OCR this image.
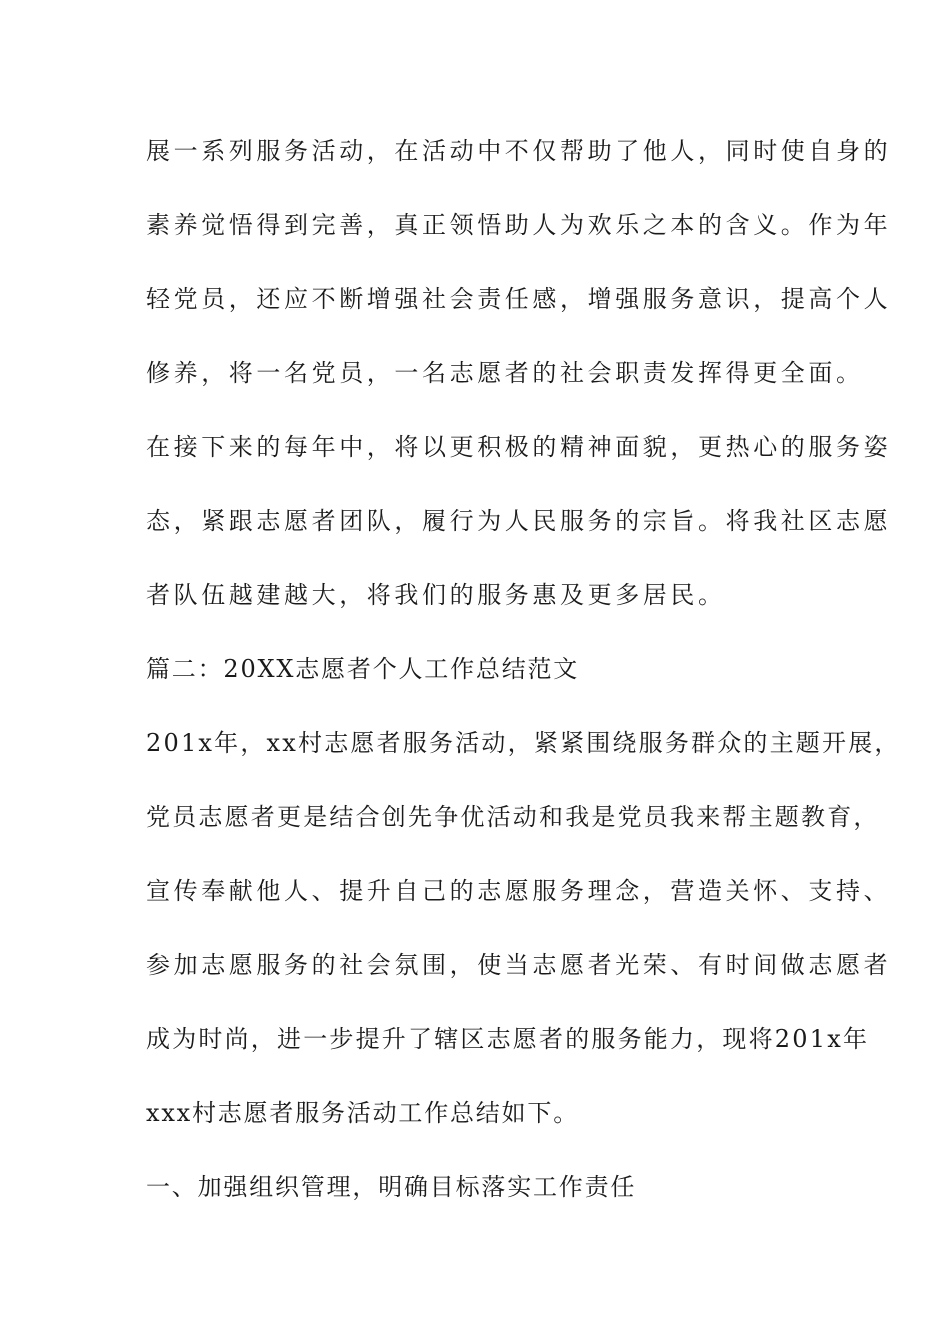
展一系列服务活动，在活动中不仅帮助了他人，同时使自身的
素养觉悟得到完善，真正领悟助人为欢乐之本的含义。作为年
轻党员，还应不断增强社会责任感，增强服务意识，提高个人
修养，将一名党员，一名志愿者的社会职责发挥得更全面。
在接下来的每年中，将以更积极的精神面貌，更热心的服务姿
态，紧跟志愿者团队，履行为人民服务的宗旨。将我社区志愿
者队伍越建越大，将我们的服务惠及更多居民。
篇二：20XX志愿者个人工作总结范文
201x年，xx村志愿者服务活动，紧紧围绕服务群众的主题开展，
党员志愿者更是结合创先争优活动和我是党员我来帮主题教育，
宣传奉献他人、提升自己的志愿服务理念，营造关怀、支持、
参加志愿服务的社会氛围，使当志愿者光荣、有时间做志愿者
成为时尚，进一步提升了辖区志愿者的服务能力，现将201x年
xxx村志愿者服务活动工作总结如下。
一、加强组织管理，明确目标落实工作责任
